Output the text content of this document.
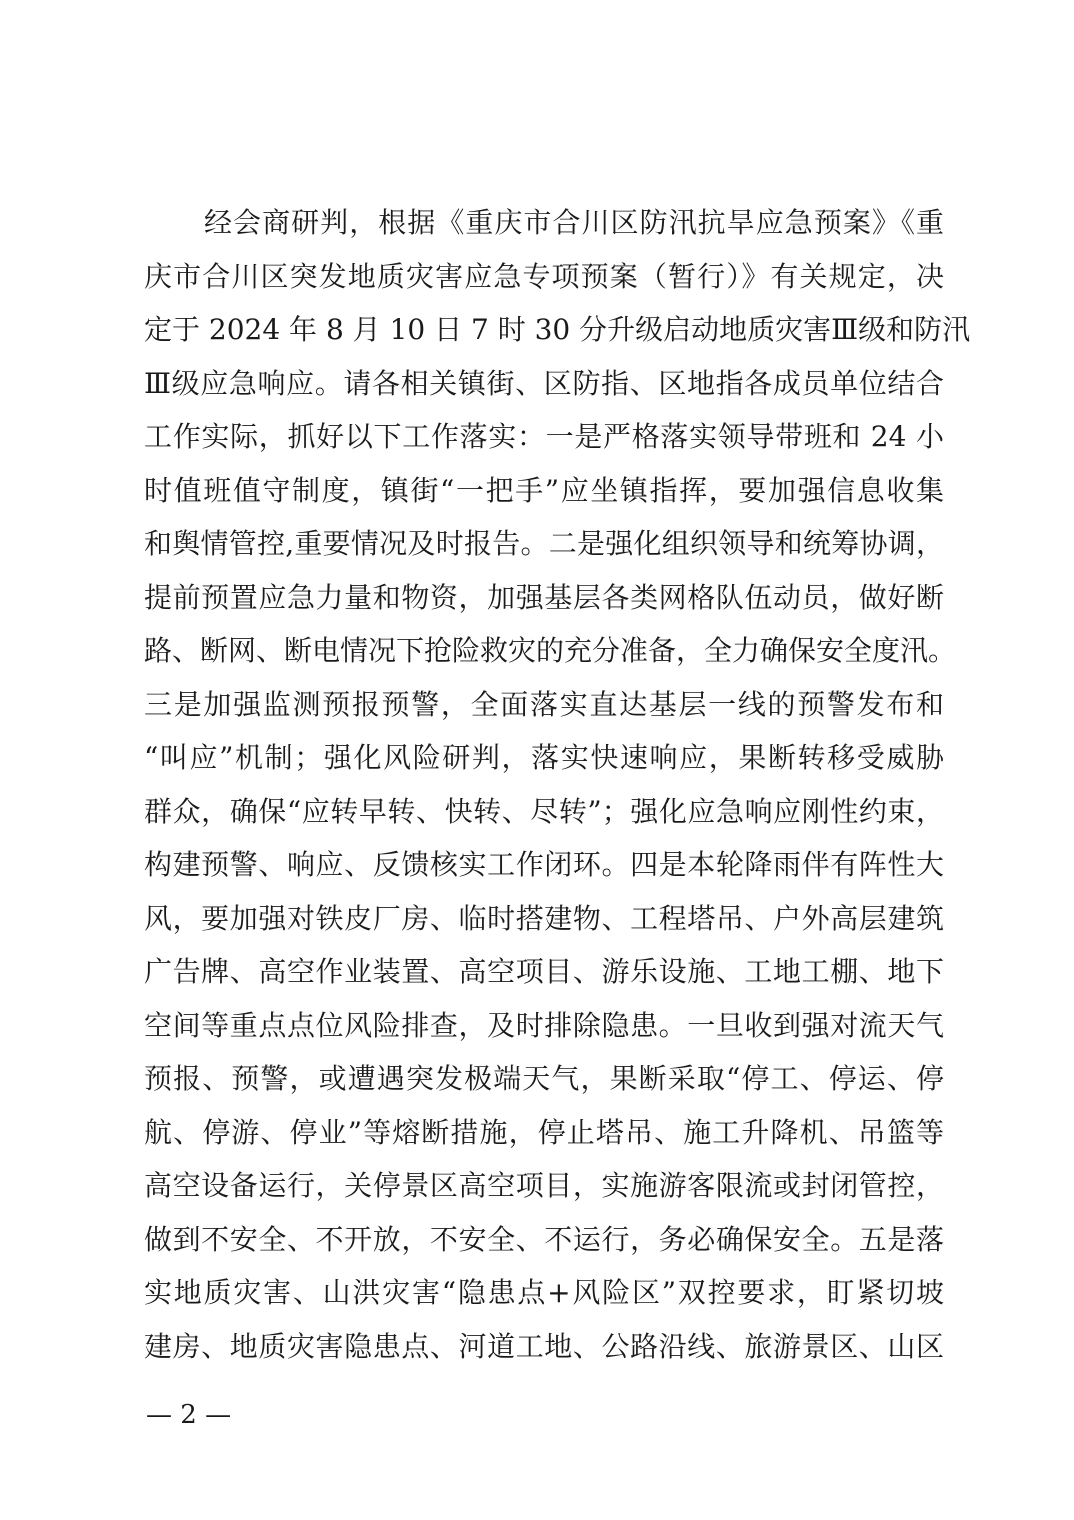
经会商研判，根据《重庆市合川区防汛抗旱应急预案》《重
庆市合川区突发地质灾害应急专项预案（暂行）》有关规定，决
定于 2024 年 8 月 10 日 7 时 30 分升级启动地质灾害Ⅲ级和防汛
Ⅲ级应急响应。请各相关镇街、区防指、区地指各成员单位结合
工作实际，抓好以下工作落实：一是严格落实领导带班和 24 小
时值班值守制度，镇街“一把手”应坐镇指挥，要加强信息收集
和舆情管控,重要情况及时报告。二是强化组织领导和统筹协调，
提前预置应急力量和物资，加强基层各类网格队伍动员，做好断
路、断网、断电情况下抢险救灾的充分准备，全力确保安全度汛。
三是加强监测预报预警，全面落实直达基层一线的预警发布和
“叫应”机制；强化风险研判，落实快速响应，果断转移受威胁
群众，确保“应转早转、快转、尽转”；强化应急响应刚性约束，
构建预警、响应、反馈核实工作闭环。四是本轮降雨伴有阵性大
风，要加强对铁皮厂房、临时搭建物、工程塔吊、户外高层建筑
广告牌、高空作业装置、高空项目、游乐设施、工地工棚、地下
空间等重点点位风险排查，及时排除隐患。一旦收到强对流天气
预报、预警，或遭遇突发极端天气，果断采取“停工、停运、停
航、停游、停业”等熔断措施，停止塔吊、施工升降机、吊篮等
高空设备运行，关停景区高空项目，实施游客限流或封闭管控，
做到不安全、不开放，不安全、不运行，务必确保安全。五是落
实地质灾害、山洪灾害“隐患点+风险区”双控要求，盯紧切坡
建房、地质灾害隐患点、河道工地、公路沿线、旅游景区、山区
— 2 —
